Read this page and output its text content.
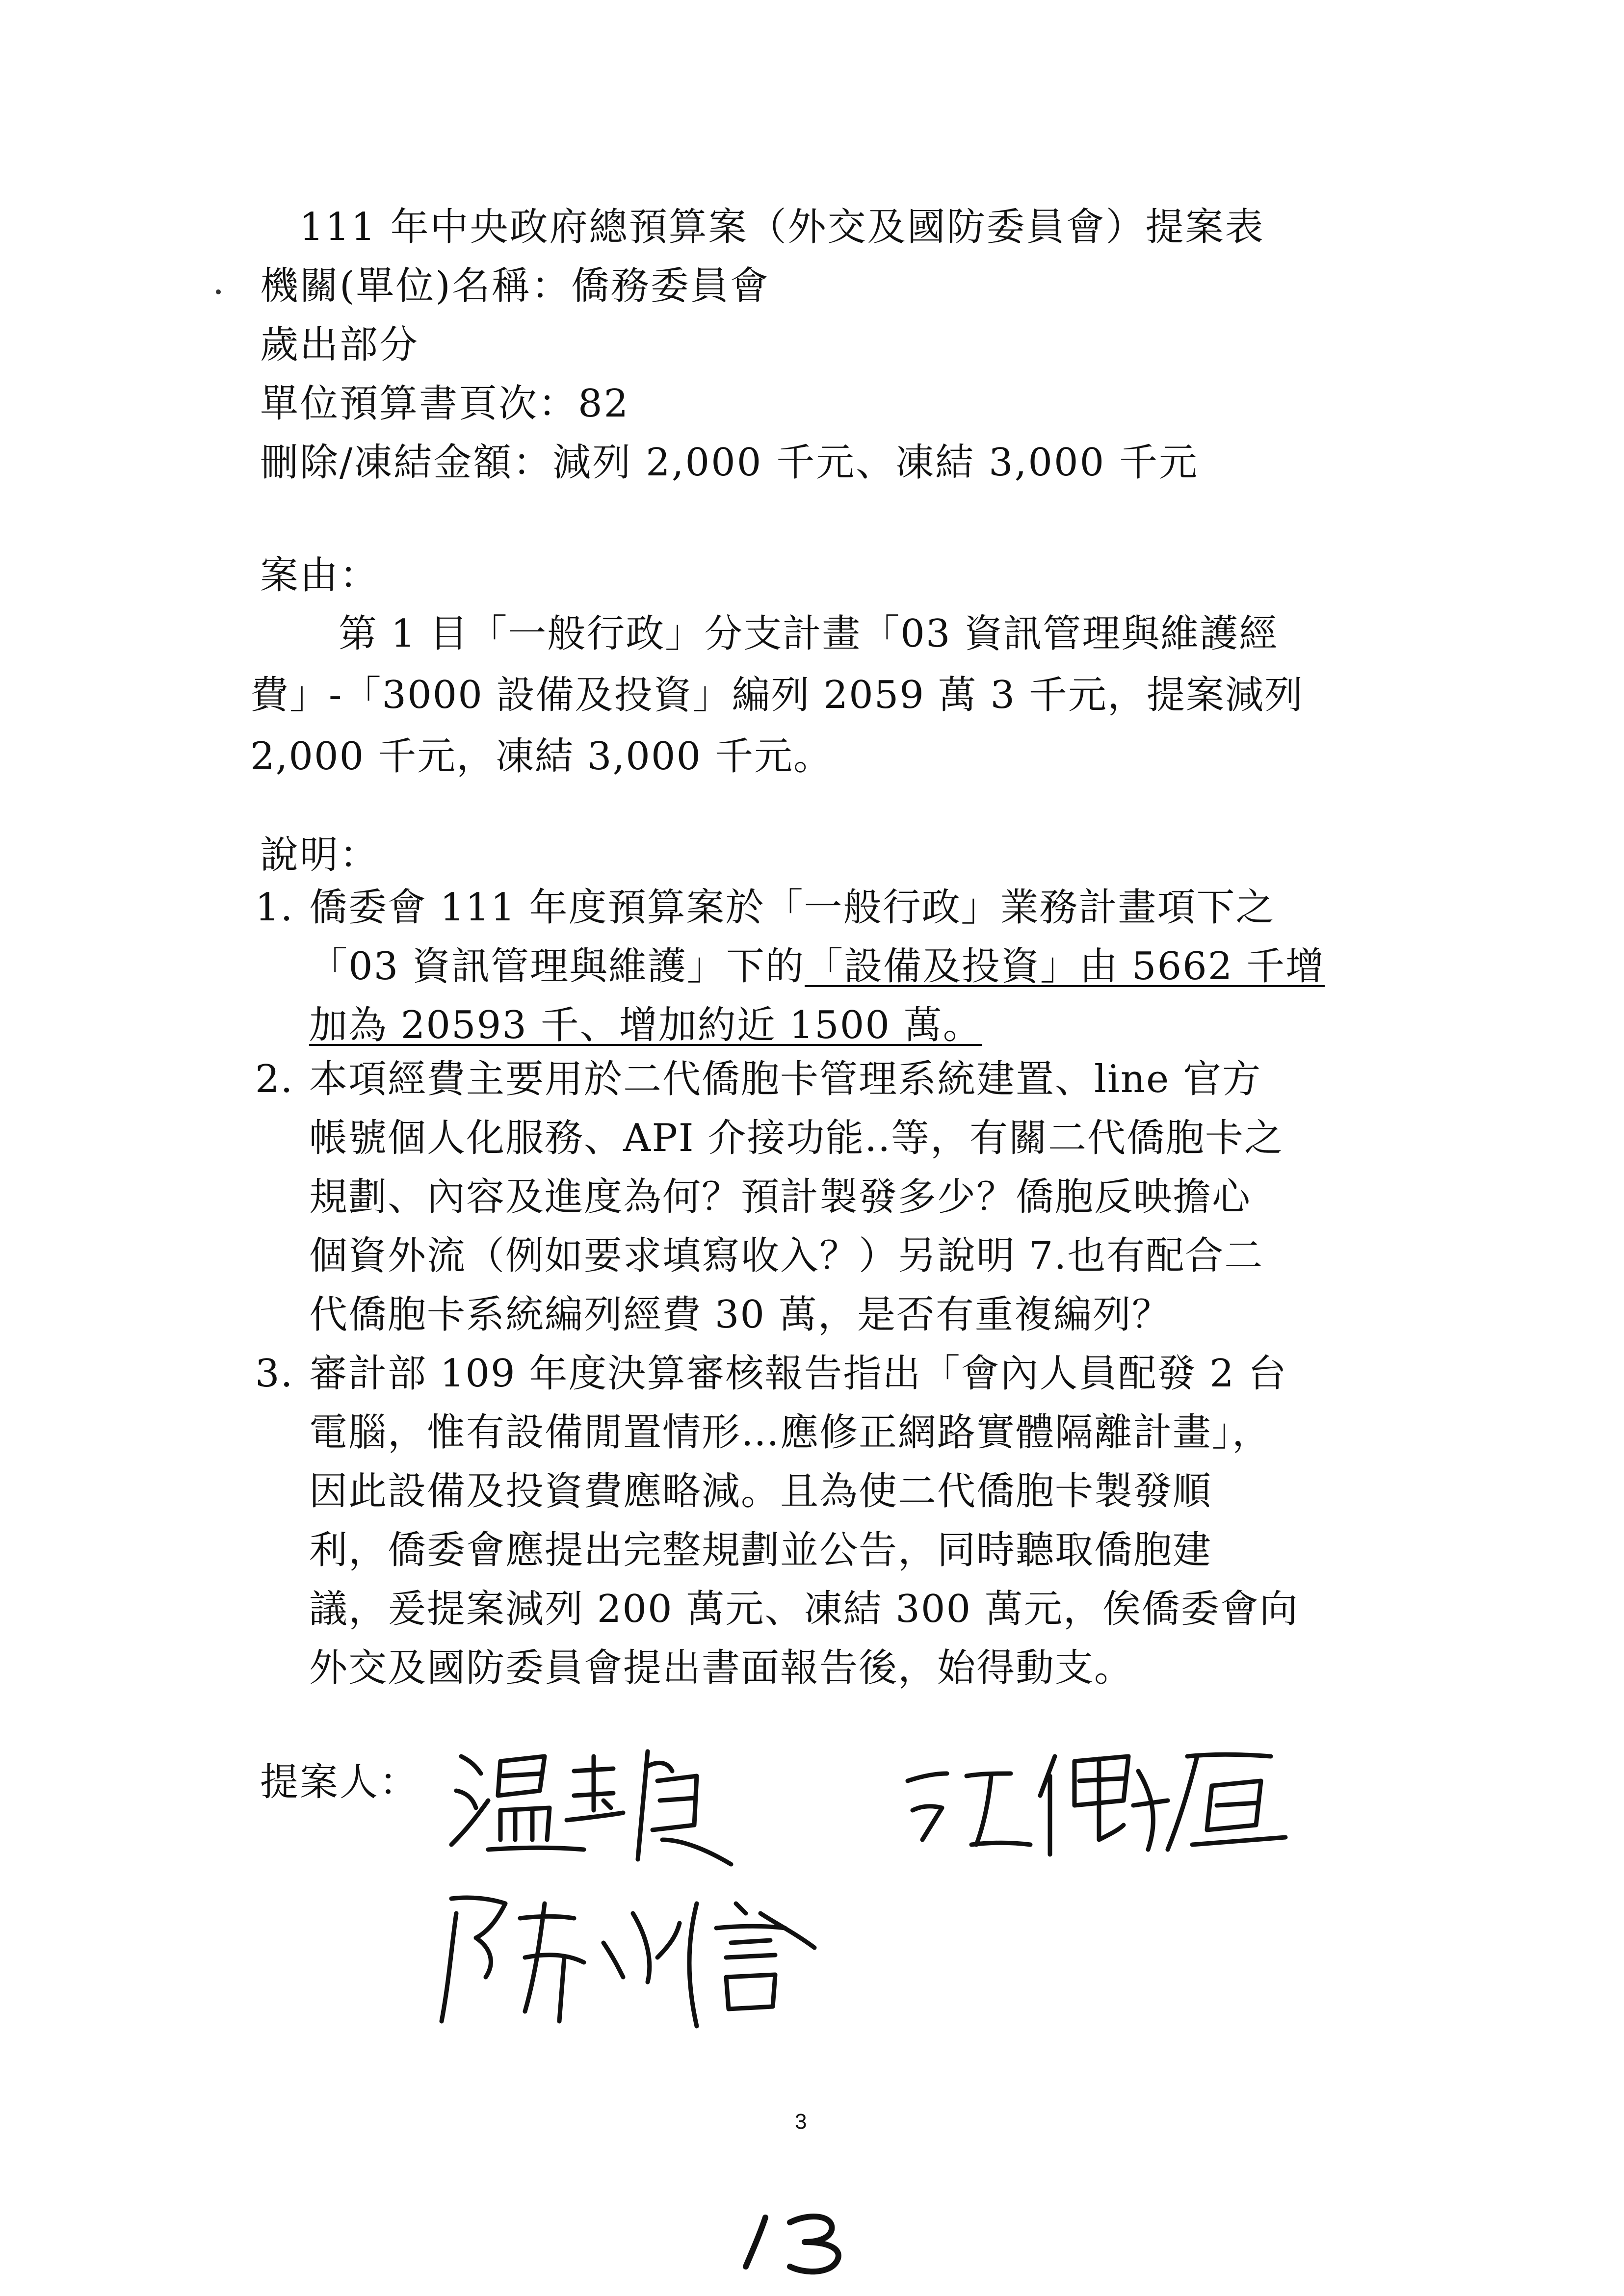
111 年中央政府總預算案（外交及國防委員會）提案表
機關(單位)名稱：僑務委員會
歲出部分
單位預算書頁次：82
刪除/凍結金額：減列 2,000 千元、凍結 3,000 千元
案由：
第 1 目「一般行政」分支計畫「03 資訊管理與維護經
費」-「3000 設備及投資」編列 2059 萬 3 千元，提案減列
2,000 千元，凍結 3,000 千元。
說明：
1. 僑委會 111 年度預算案於「一般行政」業務計畫項下之
「03 資訊管理與維護」下的「設備及投資」由 5662 千增
加為 20593 千、增加約近 1500 萬。
2. 本項經費主要用於二代僑胞卡管理系統建置、line 官方
帳號個人化服務、API 介接功能..等，有關二代僑胞卡之
規劃、內容及進度為何？預計製發多少？僑胞反映擔心
個資外流（例如要求填寫收入？）另說明 7.也有配合二
代僑胞卡系統編列經費 30 萬，是否有重複編列？
3. 審計部 109 年度決算審核報告指出「會內人員配發 2 台
電腦，惟有設備閒置情形…應修正網路實體隔離計畫」，
因此設備及投資費應略減。且為使二代僑胞卡製發順
利，僑委會應提出完整規劃並公告，同時聽取僑胞建
議，爰提案減列 200 萬元、凍結 300 萬元，俟僑委會向
外交及國防委員會提出書面報告後，始得動支。
提案人：
3
